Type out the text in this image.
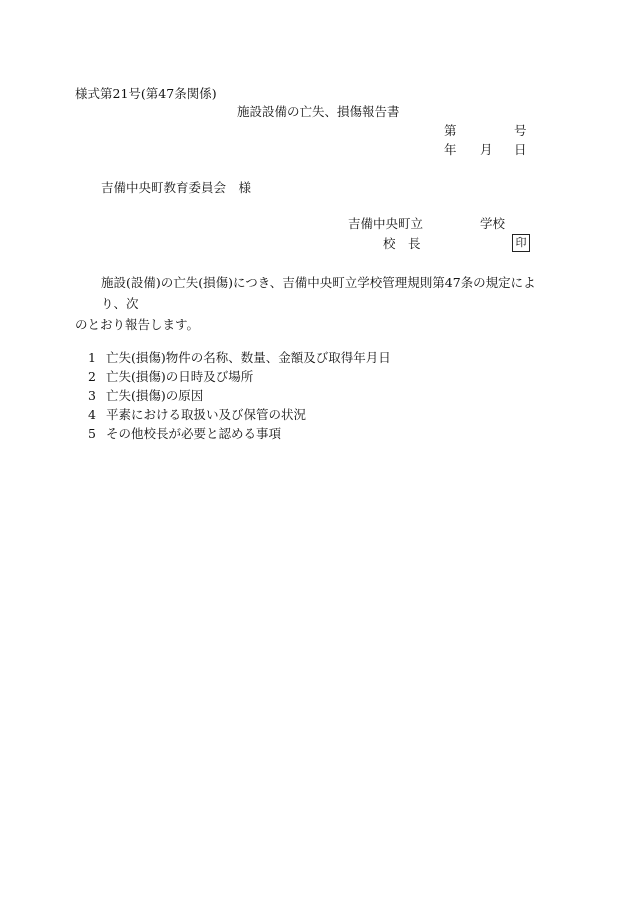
様式第21号(第47条関係)
施設設備の亡失、損傷報告書
第	号
年 月 日
吉備中央町教育委員会　様
吉備中央町立	学校
校　長	印
施設(設備)の亡失(損傷)につき、吉備中央町立学校管理規則第47条の規定により、次
のとおり報告します。
1 亡失(損傷)物件の名称、数量、金額及び取得年月日
2 亡失(損傷)の日時及び場所
3 亡失(損傷)の原因
4 平素における取扱い及び保管の状況
5 その他校長が必要と認める事項
